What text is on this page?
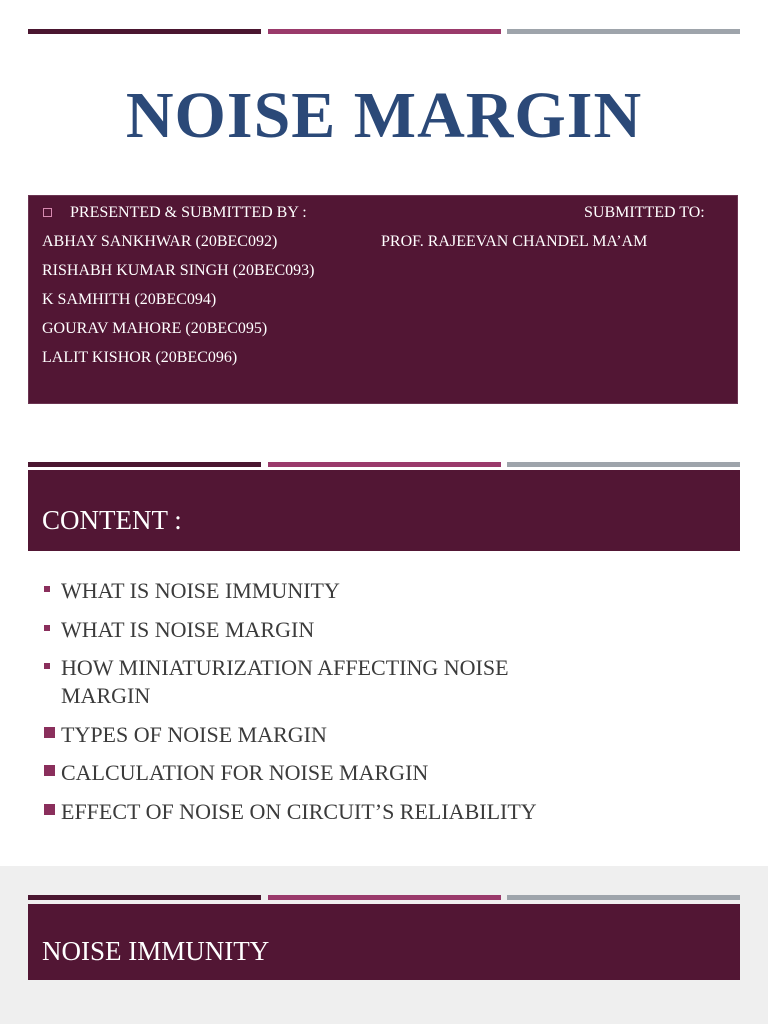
NOISE MARGIN
PRESENTED & SUBMITTED BY :	SUBMITTED TO:
ABHAY SANKHWAR (20BEC092)	PROF. RAJEEVAN CHANDEL MA’AM
RISHABH KUMAR SINGH (20BEC093)
K SAMHITH (20BEC094)
GOURAV MAHORE (20BEC095)
LALIT KISHOR (20BEC096)
CONTENT :
WHAT IS NOISE IMMUNITY
WHAT IS NOISE MARGIN
HOW MINIATURIZATION AFFECTING NOISE
MARGIN
TYPES OF NOISE MARGIN
CALCULATION FOR NOISE MARGIN
EFFECT OF NOISE ON CIRCUIT’S RELIABILITY
NOISE IMMUNITY
